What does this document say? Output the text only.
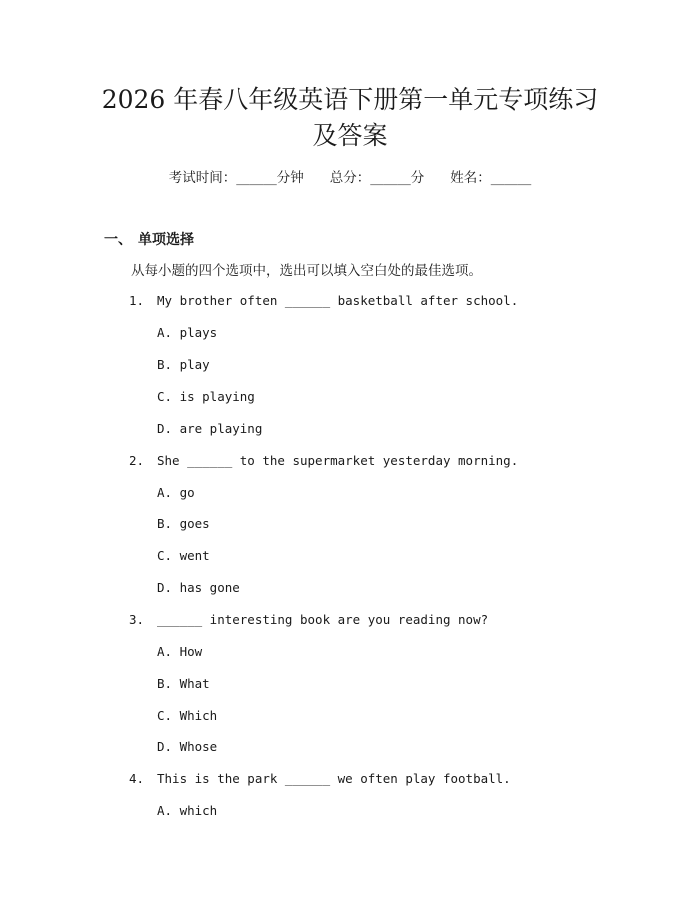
2026 年春八年级英语下册第一单元专项练习
及答案
考试时间：______分钟 总分：______分 姓名：______
一、 单项选择
从每小题的四个选项中，选出可以填入空白处的最佳选项。
1. My brother often ______ basketball after school.
A. plays
B. play
C. is playing
D. are playing
2. She ______ to the supermarket yesterday morning.
A. go
B. goes
C. went
D. has gone
3. ______ interesting book are you reading now?
A. How
B. What
C. Which
D. Whose
4. This is the park ______ we often play football.
A. which
